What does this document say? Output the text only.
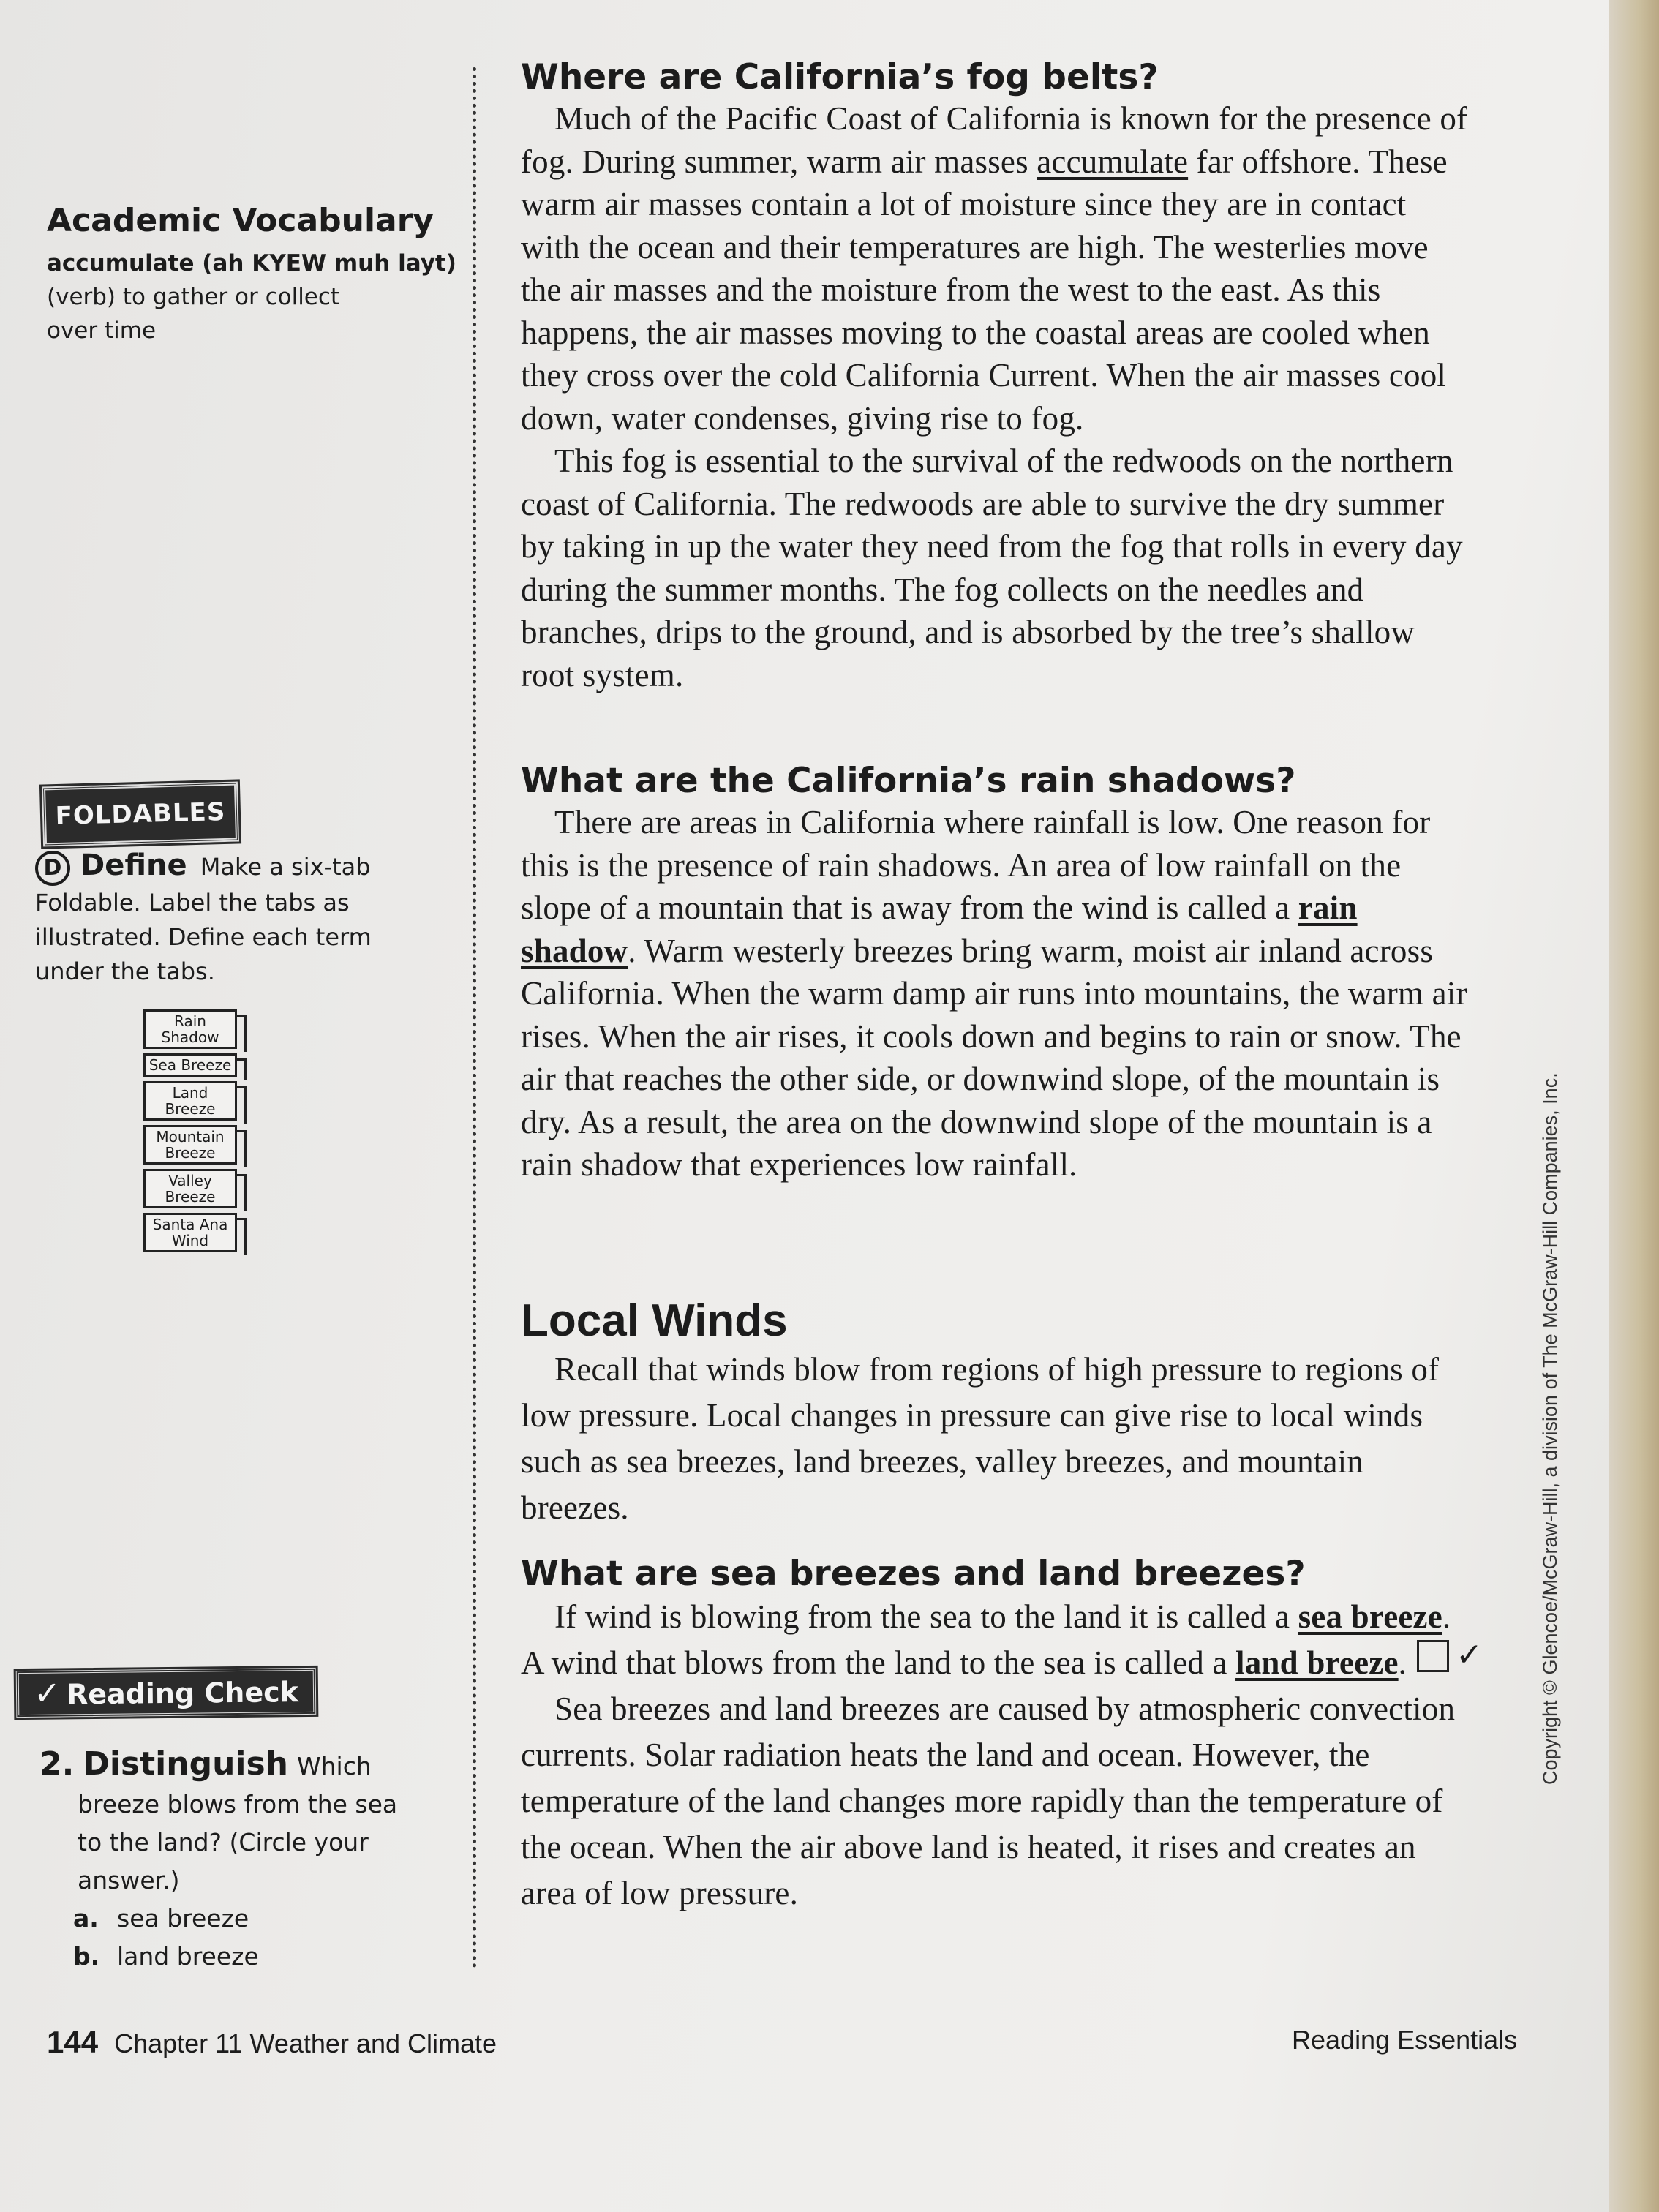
Academic Vocabulary
accumulate (ah KYEW muh layt)
(verb) to gather or collect over time
FOLDABLES
D Define Make a six-tab Foldable. Label the tabs as illustrated. Define each term under the tabs.
Rain Shadow
Sea Breeze
Land Breeze
Mountain Breeze
Valley Breeze
Santa Ana Wind
✓ Reading Check
2. Distinguish Which
breeze blows from the sea
to the land? (Circle your
answer.)
a. sea breeze
b. land breeze
Where are California’s fog belts?

Much of the Pacific Coast of California is known for the presence of fog. During summer, warm air masses accumulate far offshore. These warm air masses contain a lot of moisture since they are in contact with the ocean and their temperatures are high. The westerlies move the air masses and the moisture from the west to the east. As this happens, the air masses moving to the coastal areas are cooled when they cross over the cold California Current. When the air masses cool down, water condenses, giving rise to fog.

This fog is essential to the survival of the redwoods on the northern coast of California. The redwoods are able to survive the dry summer by taking in up the water they need from the fog that rolls in every day during the summer months. The fog collects on the needles and branches, drips to the ground, and is absorbed by the tree’s shallow root system.

What are the California’s rain shadows?

There are areas in California where rainfall is low. One reason for this is the presence of rain shadows. An area of low rainfall on the slope of a mountain that is away from the wind is called a rain shadow. Warm westerly breezes bring warm, moist air inland across California. When the warm damp air runs into mountains, the warm air rises. When the air rises, it cools down and begins to rain or snow. The air that reaches the other side, or downwind slope, of the mountain is dry. As a result, the area on the downwind slope of the mountain is a rain shadow that experiences low rainfall.

Local Winds

Recall that winds blow from regions of high pressure to regions of low pressure. Local changes in pressure can give rise to local winds such as sea breezes, land breezes, valley breezes, and mountain breezes.

What are sea breezes and land breezes?

If wind is blowing from the sea to the land it is called a sea breeze. A wind that blows from the land to the sea is called a land breeze.✓

Sea breezes and land breezes are caused by atmospheric convection currents. Solar radiation heats the land and ocean. However, the temperature of the land changes more rapidly than the temperature of the ocean. When the air above land is heated, it rises and creates an area of low pressure.

144 Chapter 11 Weather and Climate	Reading Essentials
Copyright © Glencoe/McGraw-Hill, a division of The McGraw-Hill Companies, Inc.
